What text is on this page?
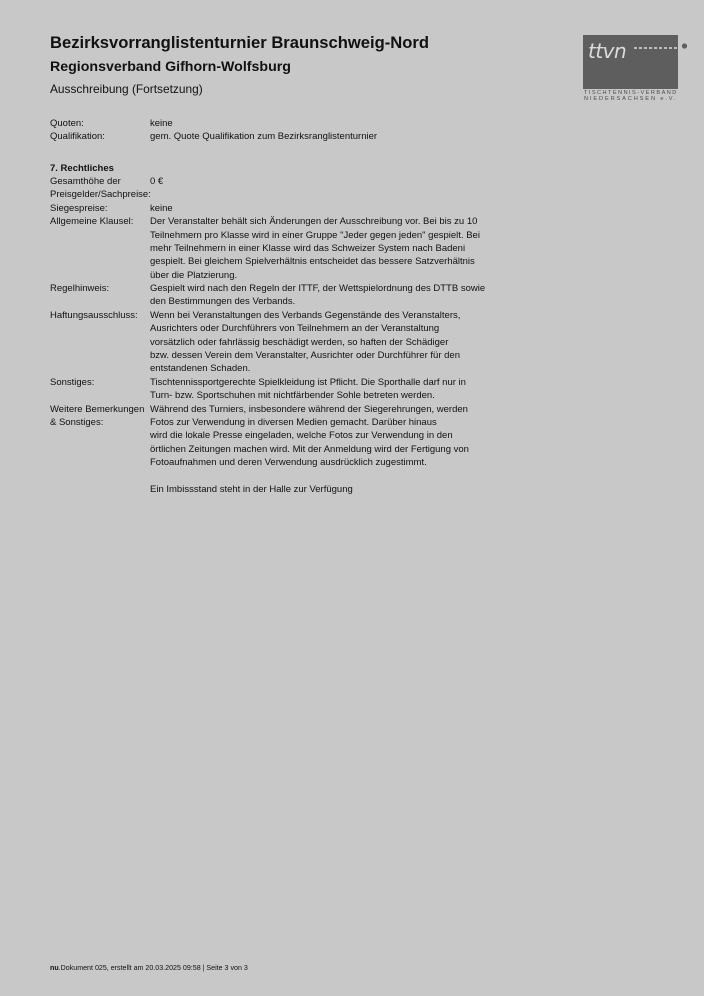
Bezirksvorranglistenturnier Braunschweig-Nord
Regionsverband Gifhorn-Wolfsburg
Ausschreibung (Fortsetzung)
ttvn
TISCHTENNIS-VERBAND
NIEDERSACHSEN e.V.
Quoten:	keine
Qualifikation:	gem. Quote Qualifikation zum Bezirksranglistenturnier
7. Rechtliches
Gesamthöhe der
Preisgelder/Sachpreise:
0 €
Siegespreise:	keine
Allgemeine Klausel:	Der Veranstalter behält sich Änderungen der Ausschreibung vor. Bei bis zu 10
Teilnehmern pro Klasse wird in einer Gruppe "Jeder gegen jeden" gespielt. Bei
mehr Teilnehmern in einer Klasse wird das Schweizer System nach Badeni
gespielt. Bei gleichem Spielverhältnis entscheidet das bessere Satzverhältnis
über die Platzierung.
Regelhinweis:	Gespielt wird nach den Regeln der ITTF, der Wettspielordnung des DTTB sowie
den Bestimmungen des Verbands.
Haftungsausschluss:	Wenn bei Veranstaltungen des Verbands Gegenstände des Veranstalters,
Ausrichters oder Durchführers von Teilnehmern an der Veranstaltung
vorsätzlich oder fahrlässig beschädigt werden, so haften der Schädiger
bzw. dessen Verein dem Veranstalter, Ausrichter oder Durchführer für den
entstandenen Schaden.
Sonstiges:	Tischtennissportgerechte Spielkleidung ist Pflicht. Die Sporthalle darf nur in
Turn- bzw. Sportschuhen mit nichtfärbender Sohle betreten werden.
Weitere Bemerkungen
& Sonstiges:
Während des Turniers, insbesondere während der Siegerehrungen, werden
Fotos zur Verwendung in diversen Medien gemacht. Darüber hinaus
wird die lokale Presse eingeladen, welche Fotos zur Verwendung in den
örtlichen Zeitungen machen wird. Mit der Anmeldung wird der Fertigung von
Fotoaufnahmen und deren Verwendung ausdrücklich zugestimmt.
Ein Imbissstand steht in der Halle zur Verfügung
nu.Dokument 025, erstellt am 20.03.2025 09:58 | Seite 3 von 3
